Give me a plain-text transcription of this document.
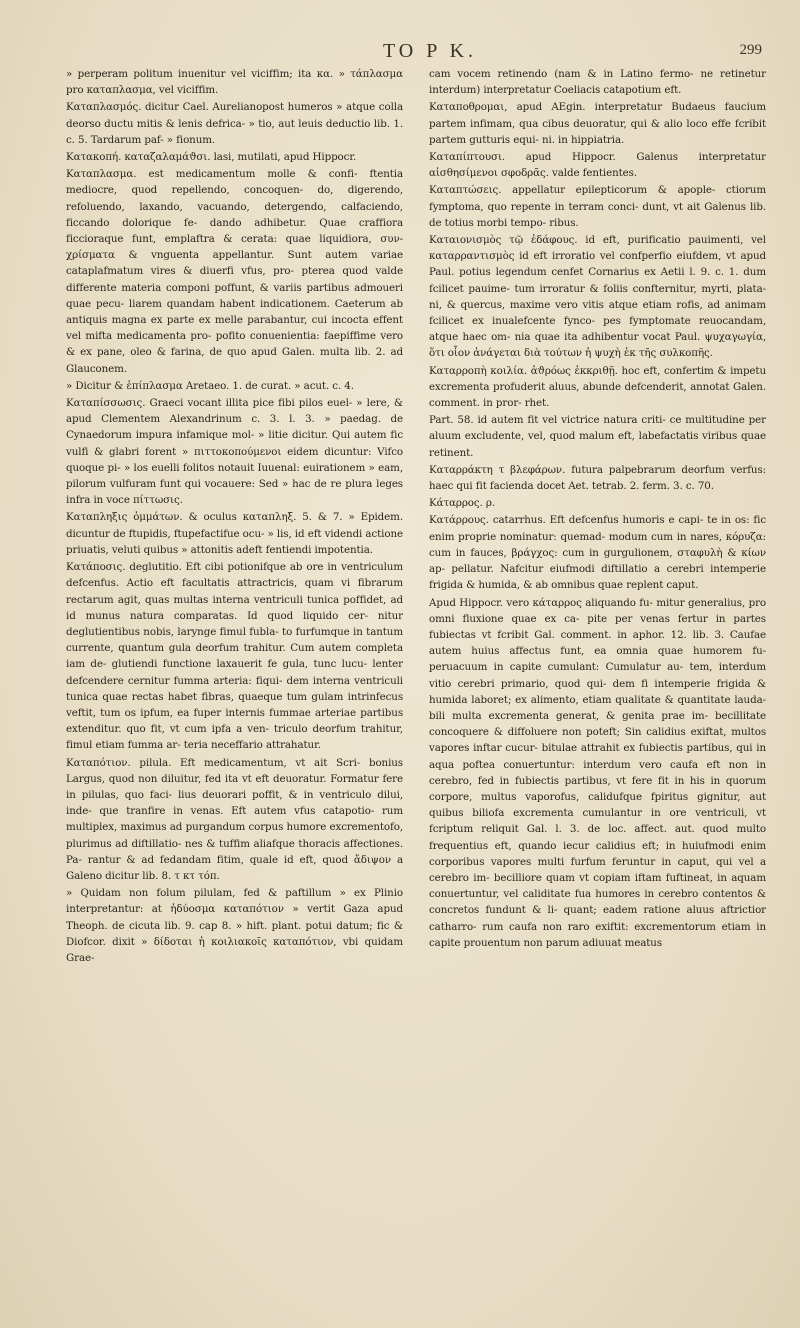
TO P K.	299

» perperam politum inuenitur vel viciffim; ita κα. » τάπλασμα pro καταπλασμα, vel viciffim.

Καταπλασμός. dicitur Cael. Aurelianopost humeros » atque colla deorso ductu mitis & lenis defrica- » tio, aut leuis deductio lib. 1. c. 5. Tardarum paf- » fionum.

Κατακοπή. καταζαλαμάϑσι. lasi, mutilati, apud Hippocr.

Καταπλασμα. est medicamentum molle & confi- ftentia mediocre, quod repellendo, concoquen- do, digerendo, refoluendo, laxando, vacuando, detergendo, calfaciendo, ficcando dolorique fe- dando adhibetur. Quae craffiora ficcioraque funt, emplaftra & cerata: quae liquidiora, συν- χρίσματα & vnguenta appellantur. Sunt autem variae cataplafmatum vires & diuerfi vfus, pro- pterea quod valde differente materia componi poffunt, & variis partibus admoueri quae pecu- liarem quandam habent indicationem. Caeterum ab antiquis magna ex parte ex melle parabantur, cui incocta effent vel mifta medicamenta pro- pofito conuenientia: faepiffime vero & ex pane, oleo & farina, de quo apud Galen. multa lib. 2. ad Glauconem.

» Dicitur & ἐπίπλασμα Aretaeo. 1. de curat. » acut. c. 4.

Καταπίσσωσις. Graeci vocant illita pice fibi pilos euel- » lere, & apud Clementem Alexandrinum c. 3. l. 3. » paedag. de Cynaedorum impura infamique mol- » litie dicitur. Qui autem fic vulfi & glabri forent » πιττοκοπούμενοι eidem dicuntur: Vifco quoque pi- » los euelli folitos notauit Iuuenal: euirationem » eam, pilorum vulfuram funt qui vocauere: Sed » hac de re plura leges infra in voce πίττωσις.

Καταπληξις ὀμμάτων. & oculus καταπληξ. 5. & 7. » Epidem. dicuntur de ftupidis, ftupefactifue ocu- » lis, id eft videndi actione priuatis, veluti quibus » attonitis adeft fentiendi impotentia.

Κατάποσις. deglutitio. Eft cibi potionifque ab ore in ventriculum defcenfus. Actio eft facultatis attractricis, quam vi fibrarum rectarum agit, quas multas interna ventriculi tunica poffidet, ad id munus natura comparatas. Id quod liquido cer- nitur deglutientibus nobis, larynge fimul fubla- to furfumque in tantum currente, quantum gula deorfum trahitur. Cum autem completa iam de- glutiendi functione laxauerit fe gula, tunc lucu- lenter defcendere cernitur fumma arteria: fiqui- dem interna ventriculi tunica quae rectas habet fibras, quaeque tum gulam intrinfecus veftit, tum os ipfum, ea fuper internis fummae arteriae partibus extenditur. quo fit, vt cum ipfa a ven- triculo deorfum trahitur, fimul etiam fumma ar- teria neceffario attrahatur.

Καταπότιον. pilula. Eft medicamentum, vt ait Scri- bonius Largus, quod non diluitur, fed ita vt eft deuoratur. Formatur fere in pilulas, quo faci- lius deuorari poffit, & in ventriculo dilui, inde- que tranfire in venas. Eft autem vfus catapotio- rum multiplex, maximus ad purgandum corpus humore excrementofo, plurimus ad diftillatio- nes & tuffim aliafque thoracis affectiones. Pa- rantur & ad fedandam fitim, quale id eft, quod ἄδιψον a Galeno dicitur lib. 8. τ κτ τόπ.

» Quidam non folum pilulam, fed & paftillum » ex Plinio interpretantur: at ἡδύοσμα καταπότιον » vertit Gaza apud Theoph. de cicuta lib. 9. cap 8. » hift. plant. potui datum; fic & Diofcor. dixit » δίδοται ἡ κοιλιακοῖς καταπότιον, vbi quidam Grae-

cam vocem retinendo (nam & in Latino fermo- ne retinetur interdum) interpretatur Coeliacis catapotium eft.

Καταποθρομαι, apud AEgin. interpretatur Budaeus faucium partem infimam, qua cibus deuoratur, qui & alio loco effe fcribit partem gutturis equi- ni. in hippiatria.

Καταπίπτουσι. apud Hippocr. Galenus interpretatur αἰσθησίμενοι σφοδρᾶς. valde fentientes.

Καταπτώσεις. appellatur epilepticorum & apople- ctiorum fymptoma, quo repente in terram conci- dunt, vt ait Galenus lib. de totius morbi tempo- ribus.

Καταιονισμὸς τῷ ἐδάφους. id eft, purificatio pauimenti, vel καταρραντισμὸς id eft irroratio vel confperfio eiufdem, vt apud Paul. potius legendum cenfet Cornarius ex Aetii l. 9. c. 1. dum fcilicet pauime- tum irroratur & foliis confternitur, myrti, plata- ni, & quercus, maxime vero vitis atque etiam rofis, ad animam fcilicet ex inualefcente fynco- pes fymptomate reuocandam, atque haec om- nia quae ita adhibentur vocat Paul. ψυχαγωγία, ὅτι οἷον ἀνάγεται διὰ τούτων ἡ ψυχὴ ἐκ τῆς συλκοπῆς.

Καταρροπὴ κοιλία. ἀϑρόως ἐκκριθῇ. hoc eft, confertim & impetu excrementa profuderit aluus, abunde defcenderit, annotat Galen. comment. in pror- rhet.

Part. 58. id autem fit vel victrice natura criti- ce multitudine per aluum excludente, vel, quod malum eft, labefactatis viribus quae retinent.

Καταρράκτη τ βλεφάρων. futura palpebrarum deorfum verfus: haec qui fit facienda docet Aet. tetrab. 2. ferm. 3. c. 70.

Κάταρρος. ρ.

Κατάρρους. catarrhus. Eft defcenfus humoris e capi- te in os: fic enim proprie nominatur: quemad- modum cum in nares, κόρυζα: cum in fauces, βράγχος: cum in gurgulionem, σταφυλὴ & κίων ap- pellatur. Nafcitur eiufmodi diftillatio a cerebri intemperie frigida & humida, & ab omnibus quae replent caput.

Apud Hippocr. vero κάταρρος aliquando fu- mitur generalius, pro omni fluxione quae ex ca- pite per venas fertur in partes fubiectas vt fcribit Gal. comment. in aphor. 12. lib. 3. Caufae autem huius affectus funt, ea omnia quae humorem fu- peruacuum in capite cumulant: Cumulatur au- tem, interdum vitio cerebri primario, quod qui- dem fi intemperie frigida & humida laboret; ex alimento, etiam qualitate & quantitate lauda- bili multa excrementa generat, & genita prae im- becillitate concoquere & diffoluere non poteft; Sin calidius exiftat, multos vapores inftar cucur- bitulae attrahit ex fubiectis partibus, qui in aqua poftea conuertuntur: interdum vero caufa eft non in cerebro, fed in fubiectis partibus, vt fere fit in his in quorum corpore, multus vaporofus, calidufque fpiritus gignitur, aut quibus biliofa excrementa cumulantur in ore ventriculi, vt fcriptum reliquit Gal. l. 3. de loc. affect. aut. quod multo frequentius eft, quando iecur calidius eft; in huiufmodi enim corporibus vapores multi furfum feruntur in caput, qui vel a cerebro im- becilliore quam vt copiam iftam fuftineat, in aquam conuertuntur, vel caliditate fua humores in cerebro contentos & concretos fundunt & li- quant; eadem ratione aluus aftrictior catharro- rum caufa non raro exiftit: excrementorum etiam in capite prouentum non parum adiuuat meatus
